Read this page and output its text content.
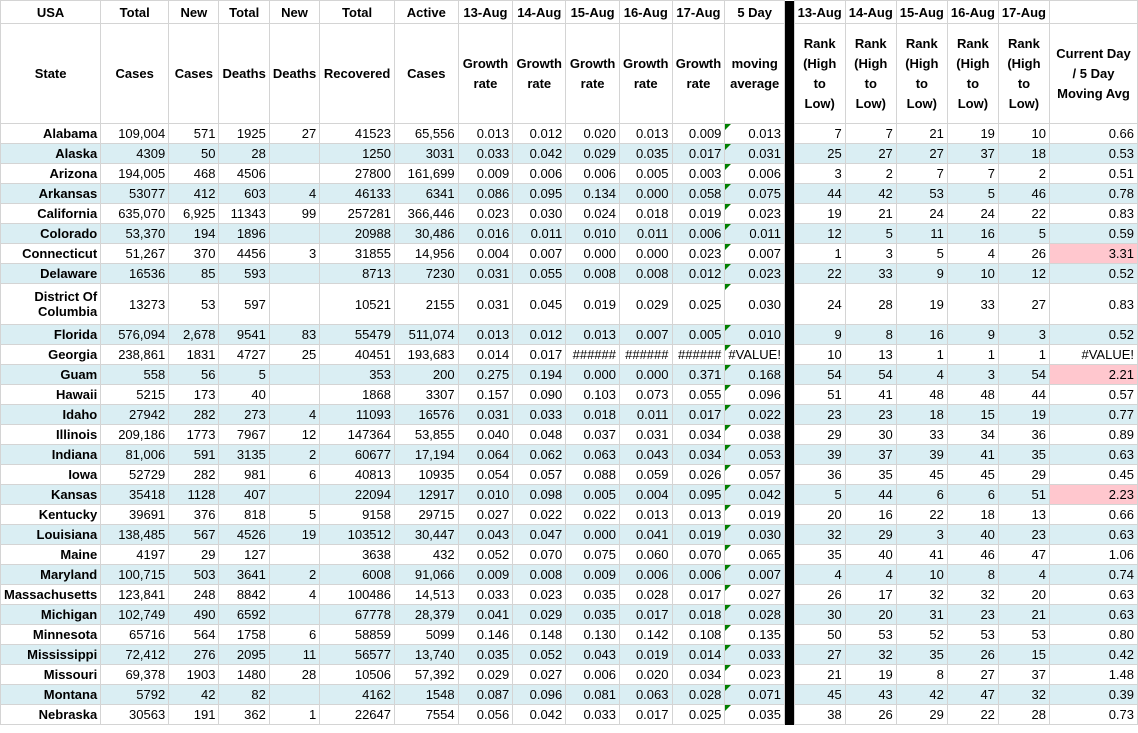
USA	Total	New	Total	New	Total	Active	13-Aug	14-Aug	15-Aug	16-Aug	17-Aug	5 Day		13-Aug	14-Aug	15-Aug	16-Aug	17-Aug	
State	Cases	Cases	Deaths	Deaths	Recovered	Cases	Growth rate	Growth rate	Growth rate	Growth rate	Growth rate	moving average		Rank (High to Low)	Rank (High to Low)	Rank (High to Low)	Rank (High to Low)	Rank (High to Low)	Current Day / 5 Day Moving Avg
Alabama	109,004	571	1925	27	41523	65,556	0.013	0.012	0.020	0.013	0.009	0.013		7	7	21	19	10	0.66
Alaska	4309	50	28		1250	3031	0.033	0.042	0.029	0.035	0.017	0.031		25	27	27	37	18	0.53
Arizona	194,005	468	4506		27800	161,699	0.009	0.006	0.006	0.005	0.003	0.006		3	2	7	7	2	0.51
Arkansas	53077	412	603	4	46133	6341	0.086	0.095	0.134	0.000	0.058	0.075		44	42	53	5	46	0.78
California	635,070	6,925	11343	99	257281	366,446	0.023	0.030	0.024	0.018	0.019	0.023		19	21	24	24	22	0.83
Colorado	53,370	194	1896		20988	30,486	0.016	0.011	0.010	0.011	0.006	0.011		12	5	11	16	5	0.59
Connecticut	51,267	370	4456	3	31855	14,956	0.004	0.007	0.000	0.000	0.023	0.007		1	3	5	4	26	3.31
Delaware	16536	85	593		8713	7230	0.031	0.055	0.008	0.008	0.012	0.023		22	33	9	10	12	0.52
District Of Columbia	13273	53	597		10521	2155	0.031	0.045	0.019	0.029	0.025	0.030		24	28	19	33	27	0.83
Florida	576,094	2,678	9541	83	55479	511,074	0.013	0.012	0.013	0.007	0.005	0.010		9	8	16	9	3	0.52
Georgia	238,861	1831	4727	25	40451	193,683	0.014	0.017	######	######	######	#VALUE!		10	13	1	1	1	#VALUE!
Guam	558	56	5		353	200	0.275	0.194	0.000	0.000	0.371	0.168		54	54	4	3	54	2.21
Hawaii	5215	173	40		1868	3307	0.157	0.090	0.103	0.073	0.055	0.096		51	41	48	48	44	0.57
Idaho	27942	282	273	4	11093	16576	0.031	0.033	0.018	0.011	0.017	0.022		23	23	18	15	19	0.77
Illinois	209,186	1773	7967	12	147364	53,855	0.040	0.048	0.037	0.031	0.034	0.038		29	30	33	34	36	0.89
Indiana	81,006	591	3135	2	60677	17,194	0.064	0.062	0.063	0.043	0.034	0.053		39	37	39	41	35	0.63
Iowa	52729	282	981	6	40813	10935	0.054	0.057	0.088	0.059	0.026	0.057		36	35	45	45	29	0.45
Kansas	35418	1128	407		22094	12917	0.010	0.098	0.005	0.004	0.095	0.042		5	44	6	6	51	2.23
Kentucky	39691	376	818	5	9158	29715	0.027	0.022	0.022	0.013	0.013	0.019		20	16	22	18	13	0.66
Louisiana	138,485	567	4526	19	103512	30,447	0.043	0.047	0.000	0.041	0.019	0.030		32	29	3	40	23	0.63
Maine	4197	29	127		3638	432	0.052	0.070	0.075	0.060	0.070	0.065		35	40	41	46	47	1.06
Maryland	100,715	503	3641	2	6008	91,066	0.009	0.008	0.009	0.006	0.006	0.007		4	4	10	8	4	0.74
Massachusetts	123,841	248	8842	4	100486	14,513	0.033	0.023	0.035	0.028	0.017	0.027		26	17	32	32	20	0.63
Michigan	102,749	490	6592		67778	28,379	0.041	0.029	0.035	0.017	0.018	0.028		30	20	31	23	21	0.63
Minnesota	65716	564	1758	6	58859	5099	0.146	0.148	0.130	0.142	0.108	0.135		50	53	52	53	53	0.80
Mississippi	72,412	276	2095	11	56577	13,740	0.035	0.052	0.043	0.019	0.014	0.033		27	32	35	26	15	0.42
Missouri	69,378	1903	1480	28	10506	57,392	0.029	0.027	0.006	0.020	0.034	0.023		21	19	8	27	37	1.48
Montana	5792	42	82		4162	1548	0.087	0.096	0.081	0.063	0.028	0.071		45	43	42	47	32	0.39
Nebraska	30563	191	362	1	22647	7554	0.056	0.042	0.033	0.017	0.025	0.035		38	26	29	22	28	0.73
